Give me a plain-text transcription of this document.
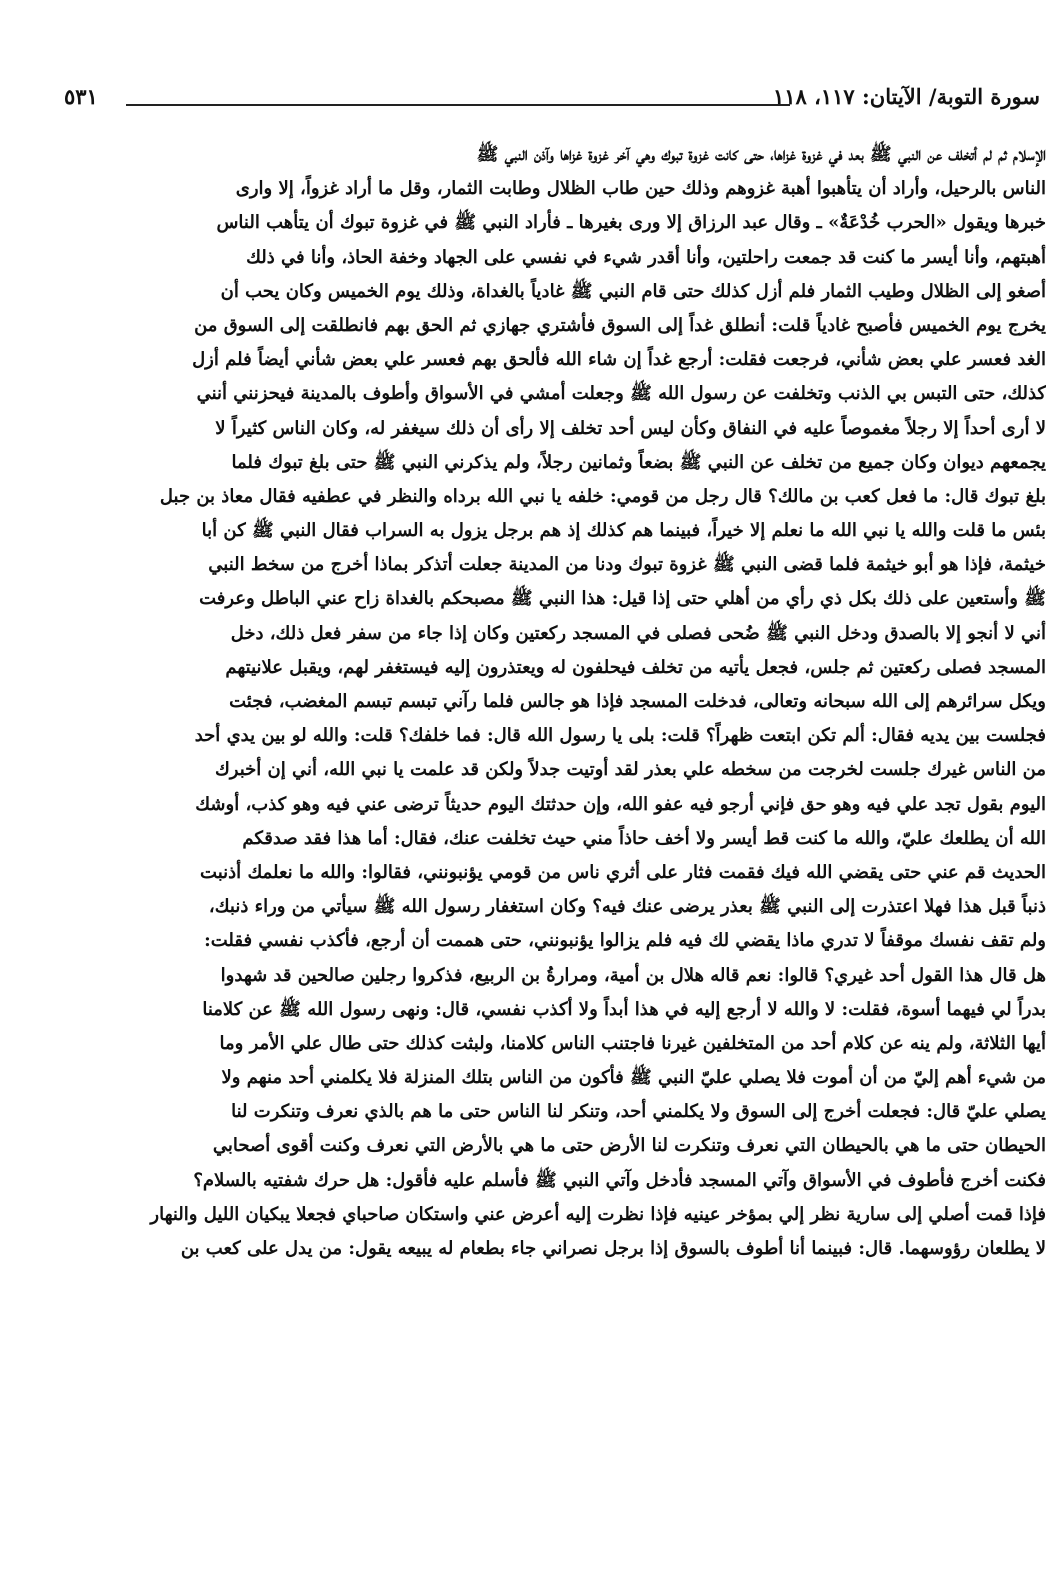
سورة التوبة/ الآيتان: ١١٧، ١١٨
٥٣١
الإسلام ثم لم أتخلف عن النبي ﷺ بعد في غزوة غزاها، حتى كانت غزوة تبوك وهي آخر غزوة غزاها وآذن النبي ﷺ
الناس بالرحيل، وأراد أن يتأهبوا أهبة غزوهم وذلك حين طاب الظلال وطابت الثمار، وقل ما أراد غزواً، إلا وارى
خبرها ويقول «الحرب خُدْعَةٌ» ـ وقال عبد الرزاق إلا ورى بغيرها ـ فأراد النبي ﷺ في غزوة تبوك أن يتأهب الناس
أهبتهم، وأنا أيسر ما كنت قد جمعت راحلتين، وأنا أقدر شيء في نفسي على الجهاد وخفة الحاذ، وأنا في ذلك
أصغو إلى الظلال وطيب الثمار فلم أزل كذلك حتى قام النبي ﷺ غادياً بالغداة، وذلك يوم الخميس وكان يحب أن
يخرج يوم الخميس فأصبح غادياً قلت: أنطلق غداً إلى السوق فأشتري جهازي ثم الحق بهم فانطلقت إلى السوق من
الغد فعسر علي بعض شأني، فرجعت فقلت: أرجع غداً إن شاء الله فألحق بهم فعسر علي بعض شأني أيضاً فلم أزل
كذلك، حتى التبس بي الذنب وتخلفت عن رسول الله ﷺ وجعلت أمشي في الأسواق وأطوف بالمدينة فيحزنني أنني
لا أرى أحداً إلا رجلاً مغموصاً عليه في النفاق وكأن ليس أحد تخلف إلا رأى أن ذلك سيغفر له، وكان الناس كثيراً لا
يجمعهم ديوان وكان جميع من تخلف عن النبي ﷺ بضعاً وثمانين رجلاً، ولم يذكرني النبي ﷺ حتى بلغ تبوك فلما
بلغ تبوك قال: ما فعل كعب بن مالك؟ قال رجل من قومي: خلفه يا نبي الله برداه والنظر في عطفيه فقال معاذ بن جبل
بئس ما قلت والله يا نبي الله ما نعلم إلا خيراً، فبينما هم كذلك إذ هم برجل يزول به السراب فقال النبي ﷺ كن أبا
خيثمة، فإذا هو أبو خيثمة فلما قضى النبي ﷺ غزوة تبوك ودنا من المدينة جعلت أتذكر بماذا أخرج من سخط النبي
ﷺ وأستعين على ذلك بكل ذي رأي من أهلي حتى إذا قيل: هذا النبي ﷺ مصبحكم بالغداة زاح عني الباطل وعرفت
أني لا أنجو إلا بالصدق ودخل النبي ﷺ ضُحى فصلى في المسجد ركعتين وكان إذا جاء من سفر فعل ذلك، دخل
المسجد فصلى ركعتين ثم جلس، فجعل يأتيه من تخلف فيحلفون له ويعتذرون إليه فيستغفر لهم، ويقبل علانيتهم
ويكل سرائرهم إلى الله سبحانه وتعالى، فدخلت المسجد فإذا هو جالس فلما رآني تبسم تبسم المغضب، فجئت
فجلست بين يديه فقال: ألم تكن ابتعت ظهراً؟ قلت: بلى يا رسول الله قال: فما خلفك؟ قلت: والله لو بين يدي أحد
من الناس غيرك جلست لخرجت من سخطه علي بعذر لقد أوتيت جدلاً ولكن قد علمت يا نبي الله، أني إن أخبرك
اليوم بقول تجد علي فيه وهو حق فإني أرجو فيه عفو الله، وإن حدثتك اليوم حديثاً ترضى عني فيه وهو كذب، أوشك
الله أن يطلعك عليّ، والله ما كنت قط أيسر ولا أخف حاذاً مني حيث تخلفت عنك، فقال: أما هذا فقد صدقكم
الحديث قم عني حتى يقضي الله فيك فقمت فثار على أثري ناس من قومي يؤنبونني، فقالوا: والله ما نعلمك أذنبت
ذنباً قبل هذا فهلا اعتذرت إلى النبي ﷺ بعذر يرضى عنك فيه؟ وكان استغفار رسول الله ﷺ سيأتي من وراء ذنبك،
ولم تقف نفسك موقفاً لا تدري ماذا يقضي لك فيه فلم يزالوا يؤنبونني، حتى هممت أن أرجع، فأكذب نفسي فقلت:
هل قال هذا القول أحد غيري؟ قالوا: نعم قاله هلال بن أمية، ومرارةُ بن الربيع، فذكروا رجلين صالحين قد شهدوا
بدراً لي فيهما أسوة، فقلت: لا والله لا أرجع إليه في هذا أبداً ولا أكذب نفسي، قال: ونهى رسول الله ﷺ عن كلامنا
أيها الثلاثة، ولم ينه عن كلام أحد من المتخلفين غيرنا فاجتنب الناس كلامنا، ولبثت كذلك حتى طال علي الأمر وما
من شيء أهم إليّ من أن أموت فلا يصلي عليّ النبي ﷺ فأكون من الناس بتلك المنزلة فلا يكلمني أحد منهم ولا
يصلي عليّ قال: فجعلت أخرج إلى السوق ولا يكلمني أحد، وتنكر لنا الناس حتى ما هم بالذي نعرف وتنكرت لنا
الحيطان حتى ما هي بالحيطان التي نعرف وتنكرت لنا الأرض حتى ما هي بالأرض التي نعرف وكنت أقوى أصحابي
فكنت أخرج فأطوف في الأسواق وآتي المسجد فأدخل وآتي النبي ﷺ فأسلم عليه فأقول: هل حرك شفتيه بالسلام؟
فإذا قمت أصلي إلى سارية نظر إلي بمؤخر عينيه فإذا نظرت إليه أعرض عني واستكان صاحباي فجعلا يبكيان الليل والنهار
لا يطلعان رؤوسهما. قال: فبينما أنا أطوف بالسوق إذا برجل نصراني جاء بطعام له يبيعه يقول: من يدل على كعب بن
